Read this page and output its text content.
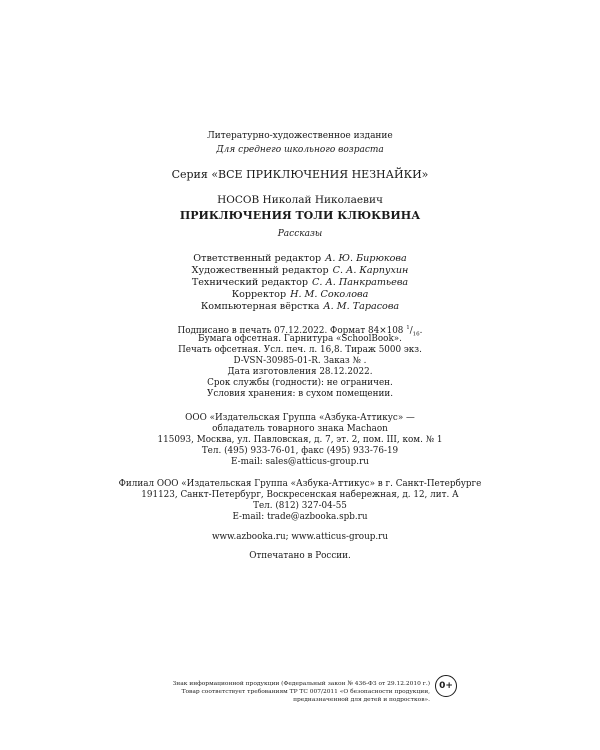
Литературно-художественное издание
Для среднего школьного возраста
Серия «ВСЕ ПРИКЛЮЧЕНИЯ НЕЗНАЙКИ»
НОСОВ Николай Николаевич
ПРИКЛЮЧЕНИЯ ТОЛИ КЛЮКВИНА
Рассказы
Ответственный редактор А. Ю. Бирюкова
Художественный редактор С. А. Карпухин
Технический редактор С. А. Панкратьева
Корректор Н. М. Соколова
Компьютерная вёрстка А. М. Тарасова
Подписано в печать 07.12.2022. Формат 84×108 $^1/_{16}$.
Бумага офсетная. Гарнитура «SchoolBook».
Печать офсетная. Усл. печ. л. 16,8. Тираж 5000 экз.
D-VSN-30985-01-R. Заказ № .
Дата изготовления 28.12.2022.
Срок службы (годности): не ограничен.
Условия хранения: в сухом помещении.
ООО «Издательская Группа «Азбука-Аттикус» —
обладатель товарного знака Machaon
115093, Москва, ул. Павловская, д. 7, эт. 2, пом. III, ком. № 1
Тел. (495) 933-76-01, факс (495) 933-76-19
E-mail: sales@atticus-group.ru
Филиал ООО «Издательская Группа «Азбука-Аттикус» в г. Санкт-Петербурге
191123, Санкт-Петербург, Воскресенская набережная, д. 12, лит. А
Тел. (812) 327-04-55
E-mail: trade@azbooka.spb.ru
www.azbooka.ru; www.atticus-group.ru
Отпечатано в России.
Знак информационной продукции (Федеральный закон № 436-ФЗ от 29.12.2010 г.)
Товар соответствует требованиям ТР ТС 007/2011 «О безопасности продукции,
предназначенной для детей и подростков».
0+
